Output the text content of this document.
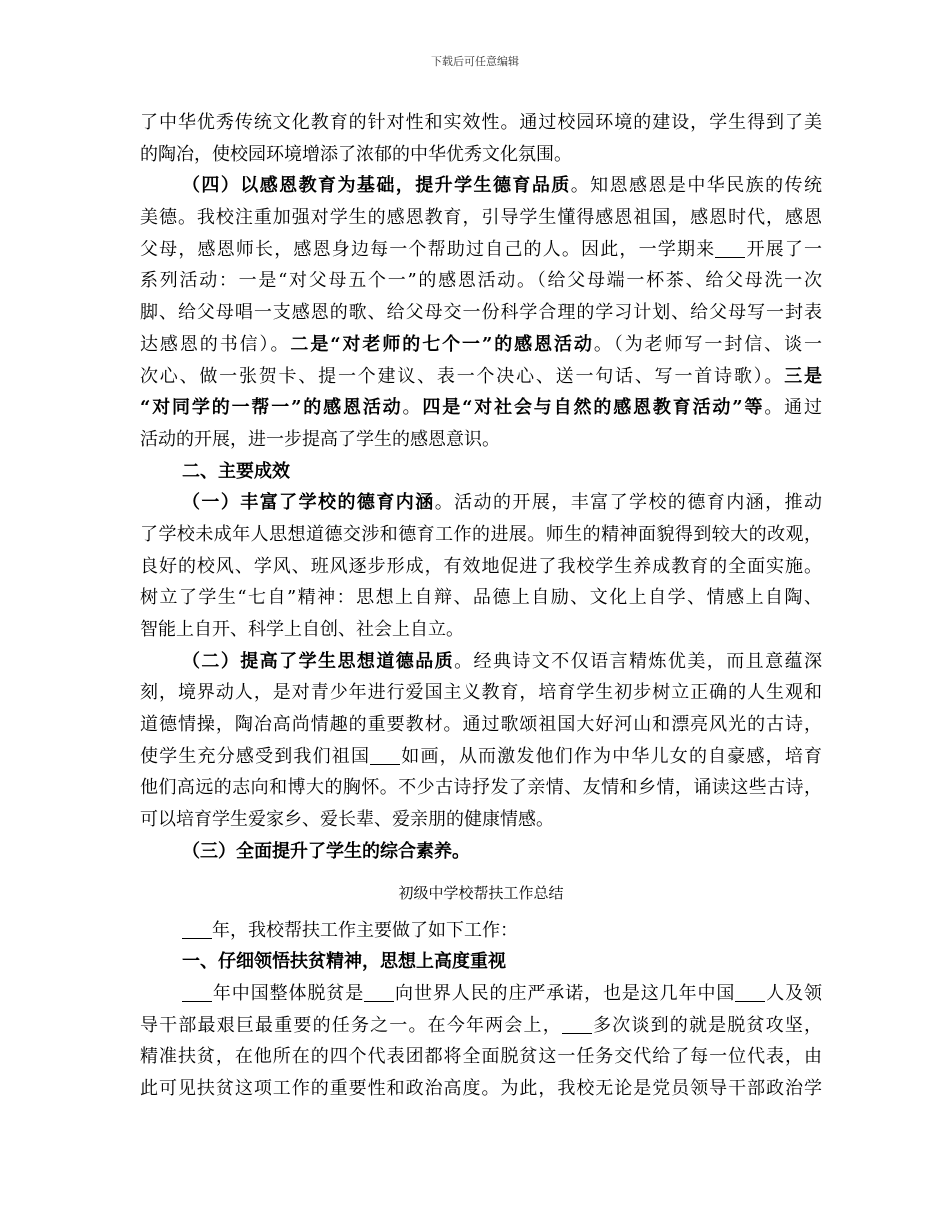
下载后可任意编辑
了中华优秀传统文化教育的针对性和实效性。通过校园环境的建设，学生得到了美
的陶冶，使校园环境增添了浓郁的中华优秀文化氛围。
（四）以感恩教育为基础，提升学生德育品质。知恩感恩是中华民族的传统
美德。我校注重加强对学生的感恩教育，引导学生懂得感恩祖国，感恩时代，感恩
父母，感恩师长，感恩身边每一个帮助过自己的人。因此，一学期来 开展了一
系列活动：一是“对父母五个一”的感恩活动。（给父母端一杯茶、给父母洗一次
脚、给父母唱一支感恩的歌、给父母交一份科学合理的学习计划、给父母写一封表
达感恩的书信）。二是“对老师的七个一”的感恩活动。（为老师写一封信、谈一
次心、做一张贺卡、提一个建议、表一个决心、送一句话、写一首诗歌）。三是
“对同学的一帮一”的感恩活动。四是“对社会与自然的感恩教育活动”等。通过
活动的开展，进一步提高了学生的感恩意识。
二、主要成效
（一）丰富了学校的德育内涵。活动的开展，丰富了学校的德育内涵，推动
了学校未成年人思想道德交涉和德育工作的进展。师生的精神面貌得到较大的改观，
良好的校风、学风、班风逐步形成，有效地促进了我校学生养成教育的全面实施。
树立了学生“七自”精神：思想上自辩、品德上自励、文化上自学、情感上自陶、
智能上自开、科学上自创、社会上自立。
（二）提高了学生思想道德品质。经典诗文不仅语言精炼优美，而且意蕴深
刻，境界动人，是对青少年进行爱国主义教育，培育学生初步树立正确的人生观和
道德情操，陶冶高尚情趣的重要教材。通过歌颂祖国大好河山和漂亮风光的古诗，
使学生充分感受到我们祖国 如画，从而激发他们作为中华儿女的自豪感，培育
他们高远的志向和博大的胸怀。不少古诗抒发了亲情、友情和乡情，诵读这些古诗，
可以培育学生爱家乡、爱长辈、爱亲朋的健康情感。
（三）全面提升了学生的综合素养。
初级中学校帮扶工作总结
年，我校帮扶工作主要做了如下工作：
一、仔细领悟扶贫精神，思想上高度重视
年中国整体脱贫是 向世界人民的庄严承诺，也是这几年中国 人及领
导干部最艰巨最重要的任务之一。在今年两会上， 多次谈到的就是脱贫攻坚，
精准扶贫，在他所在的四个代表团都将全面脱贫这一任务交代给了每一位代表，由
此可见扶贫这项工作的重要性和政治高度。为此，我校无论是党员领导干部政治学
